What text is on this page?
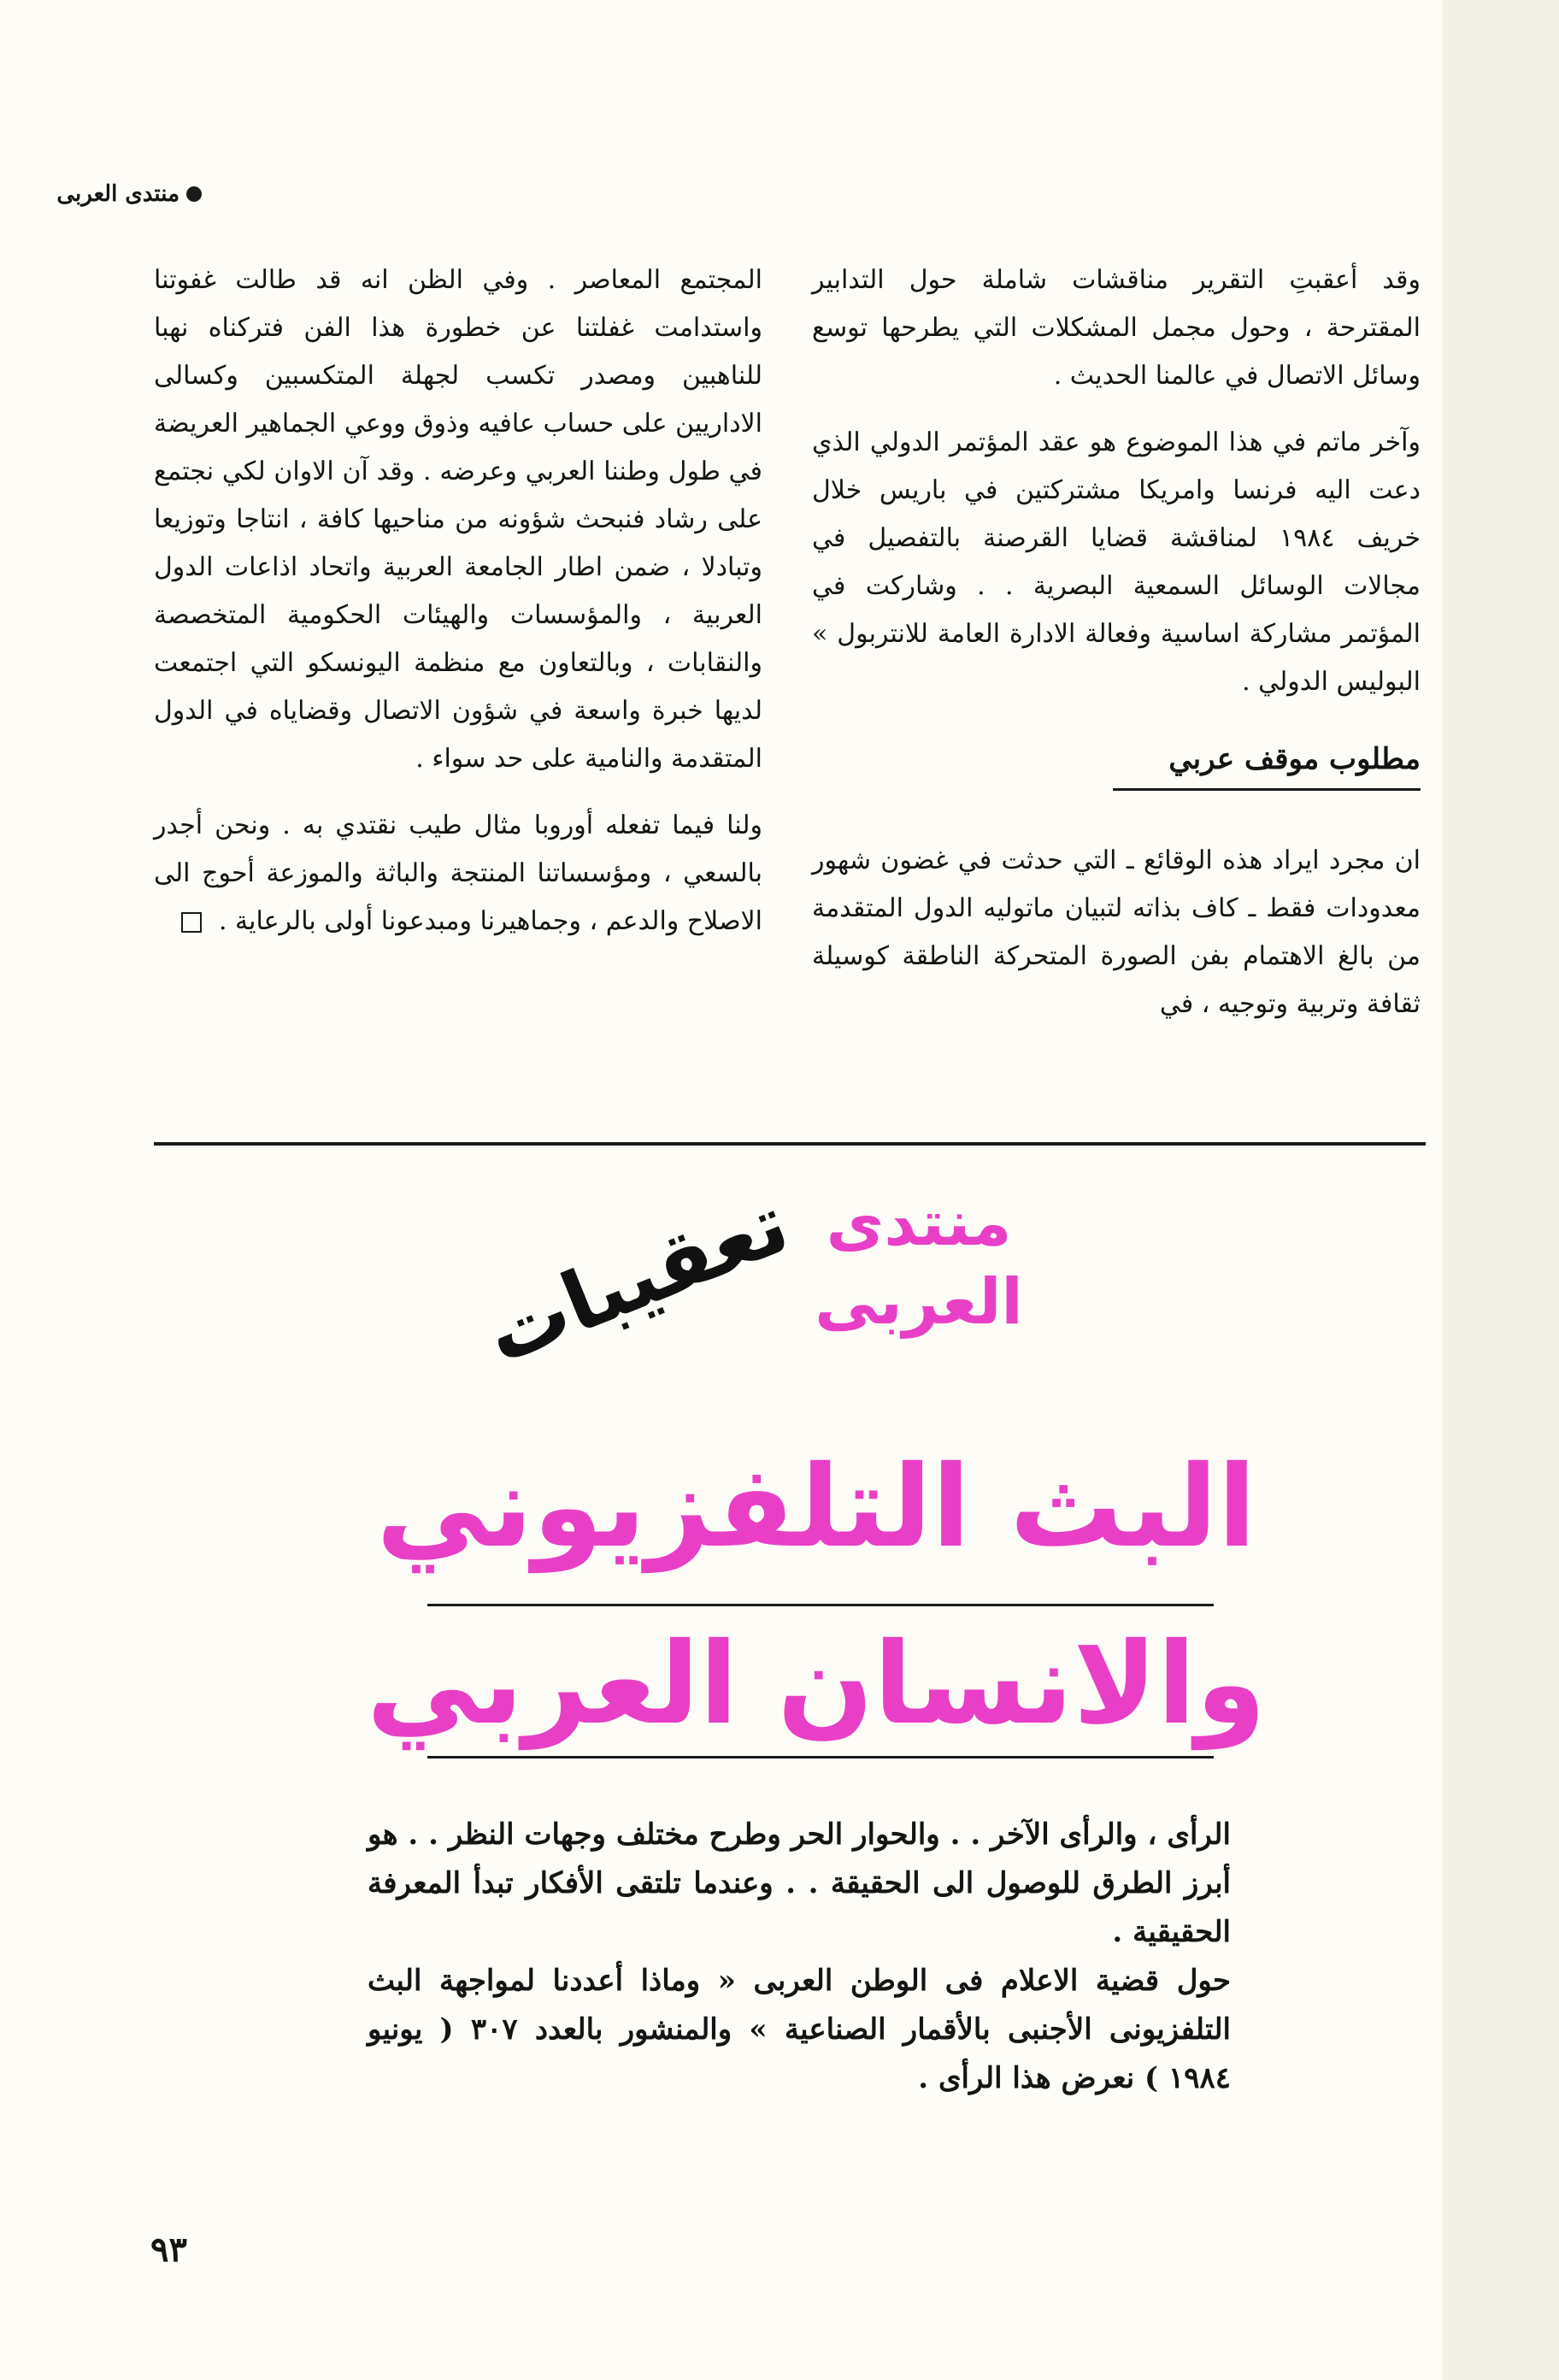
منتدى العربى

وقد أعقبتِ التقرير مناقشات شاملة حول التدابير المقترحة ، وحول مجمل المشكلات التي يطرحها توسع وسائل الاتصال في عالمنا الحديث .

وآخر ماتم في هذا الموضوع هو عقد المؤتمر الدولي الذي دعت اليه فرنسا وامريكا مشتركتين في باريس خلال خريف ١٩٨٤ لمناقشة قضايا القرصنة بالتفصيل في مجالات الوسائل السمعية البصرية . . وشاركت في المؤتمر مشاركة اساسية وفعالة الادارة العامة للانتربول » البوليس الدولي .

مطلوب موقف عربي

ان مجرد ايراد هذه الوقائع ـ التي حدثت في غضون شهور معدودات فقط ـ كاف بذاته لتبيان ماتوليه الدول المتقدمة من بالغ الاهتمام بفن الصورة المتحركة الناطقة كوسيلة ثقافة وتربية وتوجيه ، في

المجتمع المعاصر . وفي الظن انه قد طالت غفوتنا واستدامت غفلتنا عن خطورة هذا الفن فتركناه نهبا للناهبين ومصدر تكسب لجهلة المتكسبين وكسالى الاداريين على حساب عافيه وذوق ووعي الجماهير العريضة في طول وطننا العربي وعرضه . وقد آن الاوان لكي نجتمع على رشاد فنبحث شؤونه من مناحيها كافة ، انتاجا وتوزيعا وتبادلا ، ضمن اطار الجامعة العربية واتحاد اذاعات الدول العربية ، والمؤسسات والهيئات الحكومية المتخصصة والنقابات ، وبالتعاون مع منظمة اليونسكو التي اجتمعت لديها خبرة واسعة في شؤون الاتصال وقضاياه في الدول المتقدمة والنامية على حد سواء .

ولنا فيما تفعله أوروبا مثال طيب نقتدي به . ونحن أجدر بالسعي ، ومؤسساتنا المنتجة والباثة والموزعة أحوج الى الاصلاح والدعم ، وجماهيرنا ومبدعونا أولى بالرعاية .

منتدى
العربى
تعقيبات
البث التلفزيوني
والانسان العربي

الرأى ، والرأى الآخر . . والحوار الحر وطرح مختلف وجهات النظر . . هو أبرز الطرق للوصول الى الحقيقة . . وعندما تلتقى الأفكار تبدأ المعرفة الحقيقية .

حول قضية الاعلام فى الوطن العربى « وماذا أعددنا لمواجهة البث التلفزيونى الأجنبى بالأقمار الصناعية » والمنشور بالعدد ٣٠٧ ( يونيو ١٩٨٤ ) نعرض هذا الرأى .

٩٣
